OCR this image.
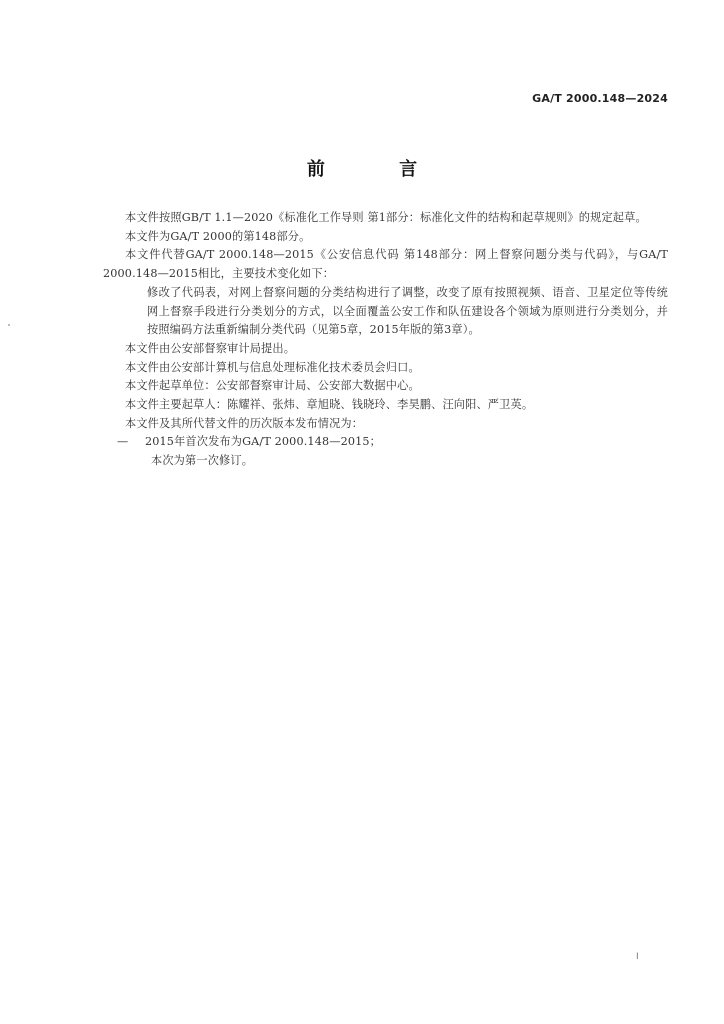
GA/T 2000.148—2024
前 言

本文件按照GB/T 1.1—2020《标准化工作导则 第1部分：标准化文件的结构和起草规则》的规定起草。

本文件为GA/T 2000的第148部分。

本文件代替GA/T 2000.148—2015《公安信息代码 第148部分：网上督察问题分类与代码》，与GA/T 2000.148—2015相比，主要技术变化如下：

修改了代码表，对网上督察问题的分类结构进行了调整，改变了原有按照视频、语音、卫星定位等传统网上督察手段进行分类划分的方式，以全面覆盖公安工作和队伍建设各个领域为原则进行分类划分，并按照编码方法重新编制分类代码（见第5章，2015年版的第3章）。

本文件由公安部督察审计局提出。

本文件由公安部计算机与信息处理标准化技术委员会归口。

本文件起草单位：公安部督察审计局、公安部大数据中心。

本文件主要起草人：陈耀祥、张炜、章旭晓、钱晓玲、李昊鹏、汪向阳、严卫英。

本文件及其所代替文件的历次版本发布情况为：

— 2015年首次发布为GA/T 2000.148—2015；

本次为第一次修订。

I
